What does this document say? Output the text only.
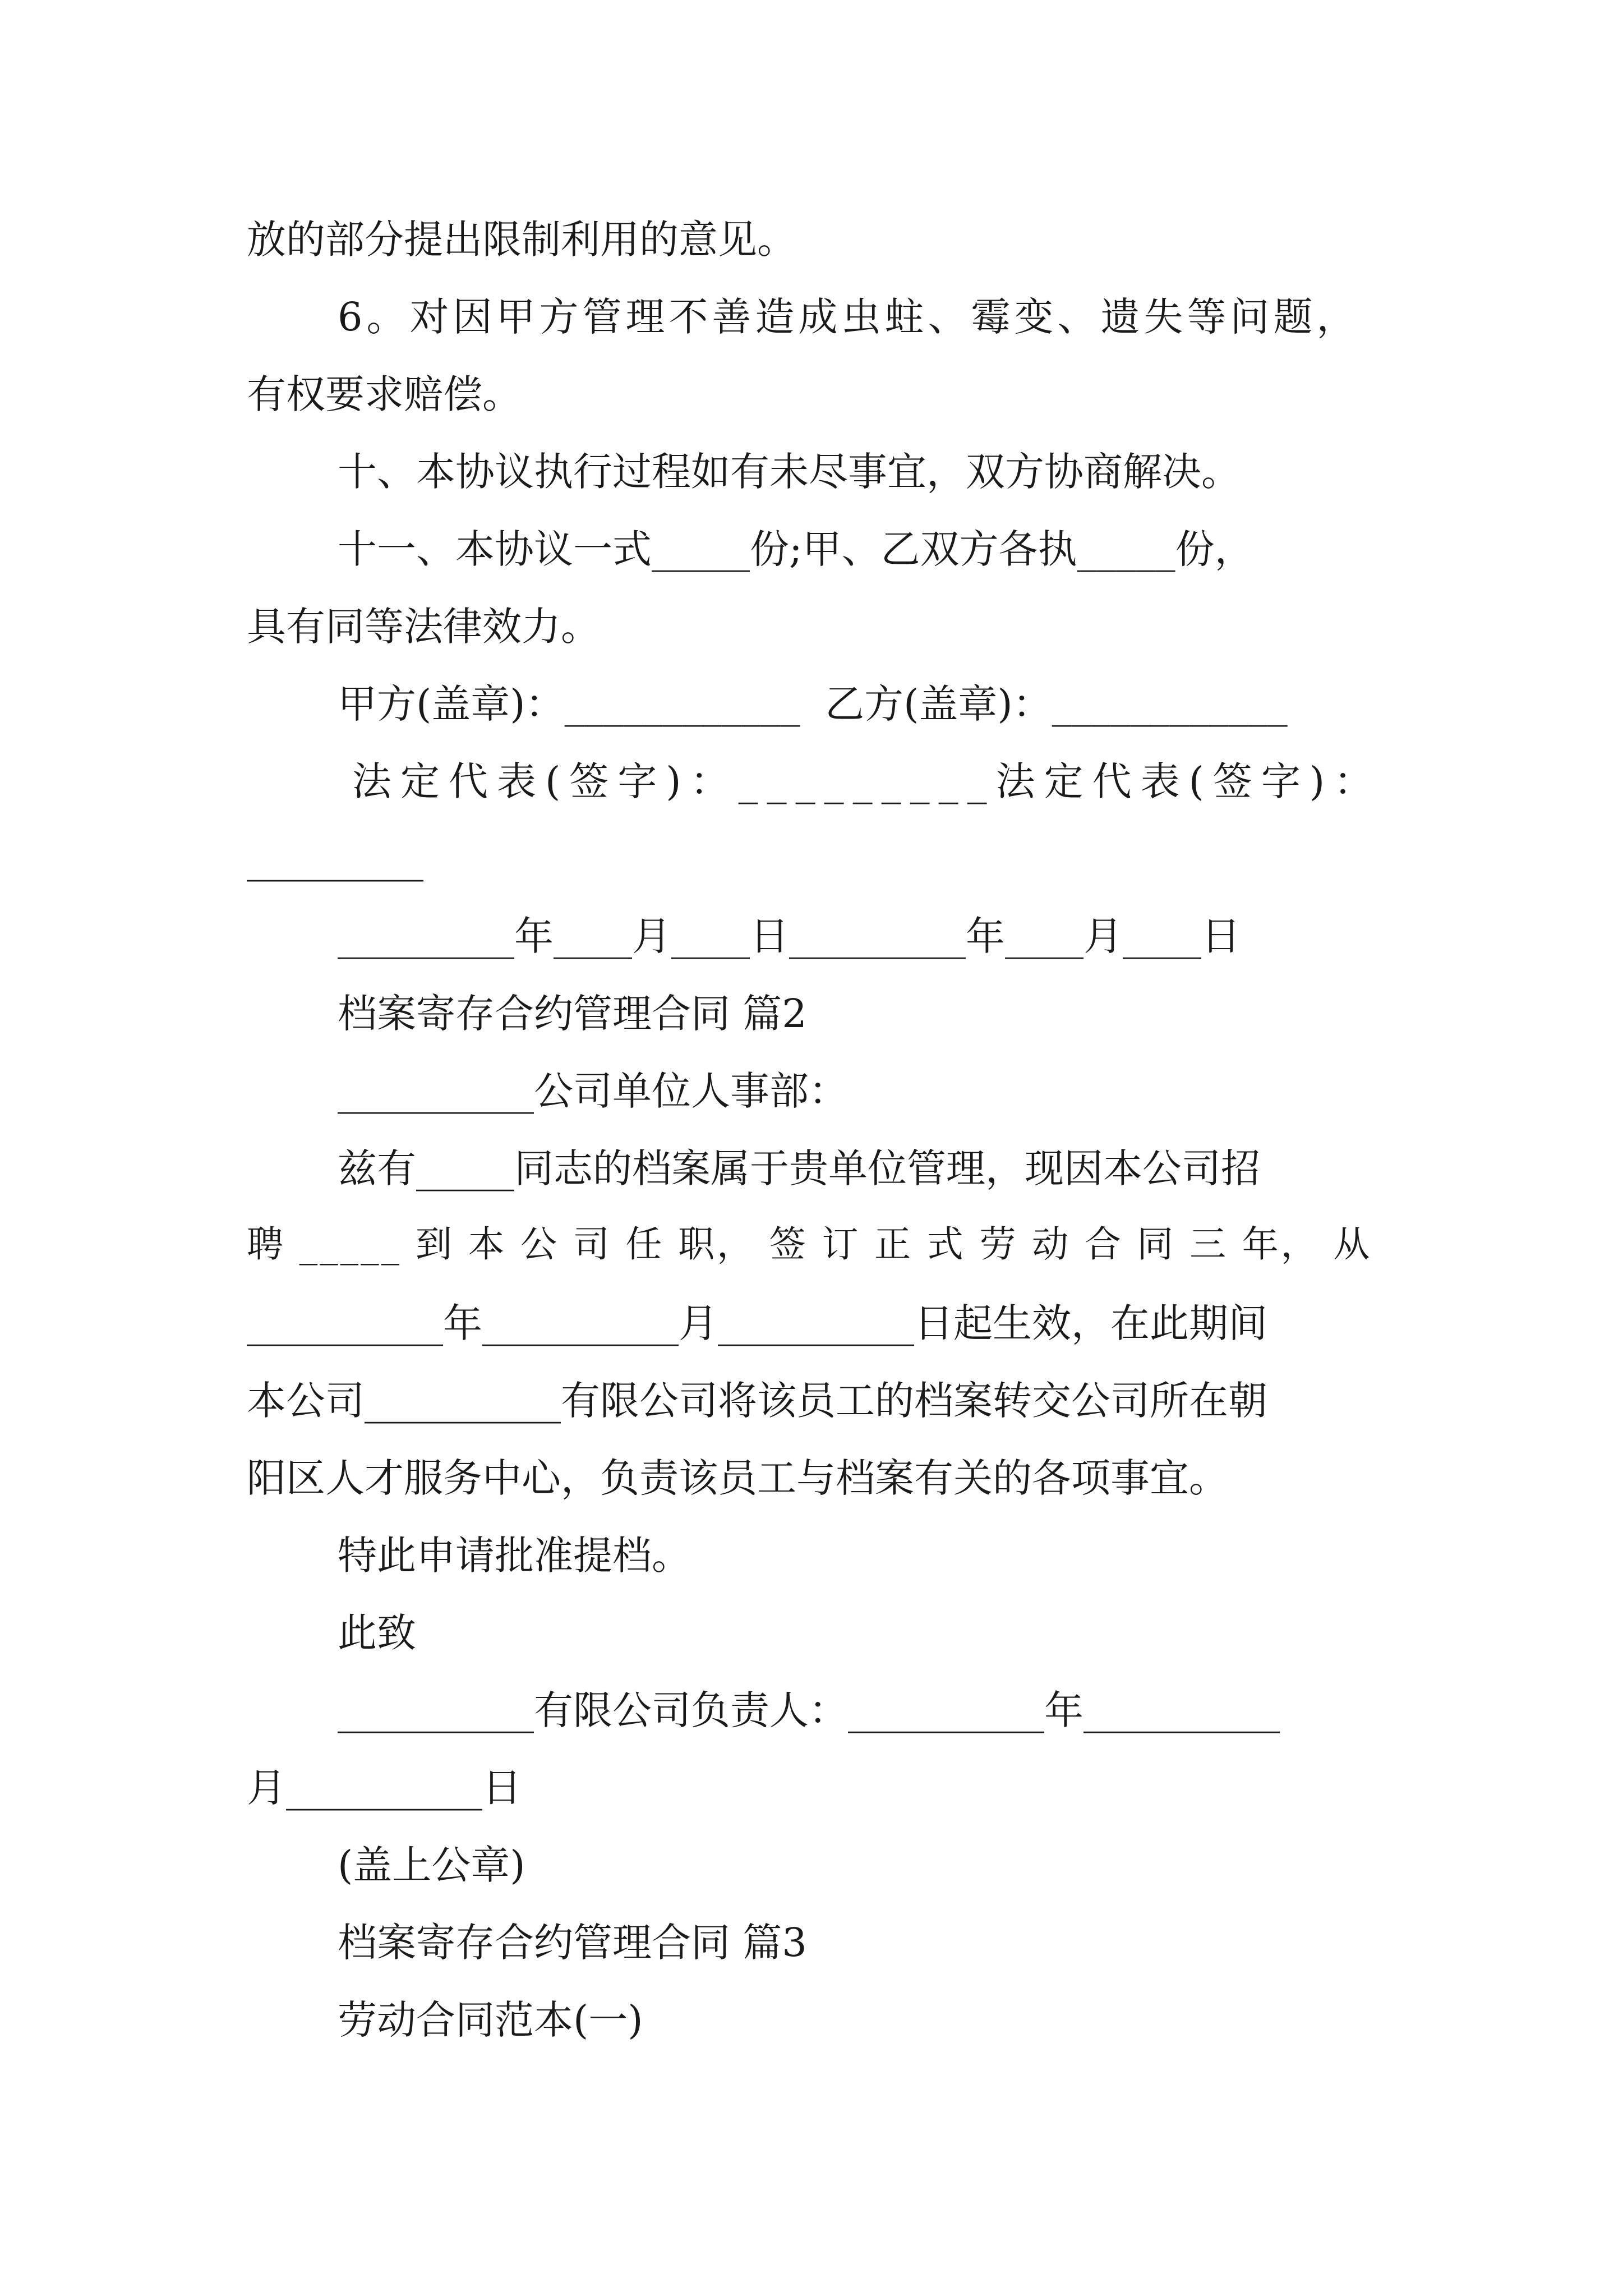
放的部分提出限制利用的意见。
6。对因甲方管理不善造成虫蛀、霉变、遗失等问题，
有权要求赔偿。
十、本协议执行过程如有未尽事宜，双方协商解决。
十一、本协议一式_____份;甲、乙双方各执_____份，
具有同等法律效力。
甲方(盖章)：____________  乙方(盖章)：____________
法定代表(签字)：_________法定代表(签字)：
_________
_________年____月____日_________年____月____日
档案寄存合约管理合同 篇2
__________公司单位人事部：
兹有_____同志的档案属于贵单位管理，现因本公司招
聘 _____ 到 本 公 司 任 职， 签 订 正 式 劳 动 合 同 三 年， 从
__________年__________月__________日起生效，在此期间
本公司__________有限公司将该员工的档案转交公司所在朝
阳区人才服务中心，负责该员工与档案有关的各项事宜。
特此申请批准提档。
此致
__________有限公司负责人：__________年__________
月__________日
(盖上公章)
档案寄存合约管理合同 篇3
劳动合同范本(一)
